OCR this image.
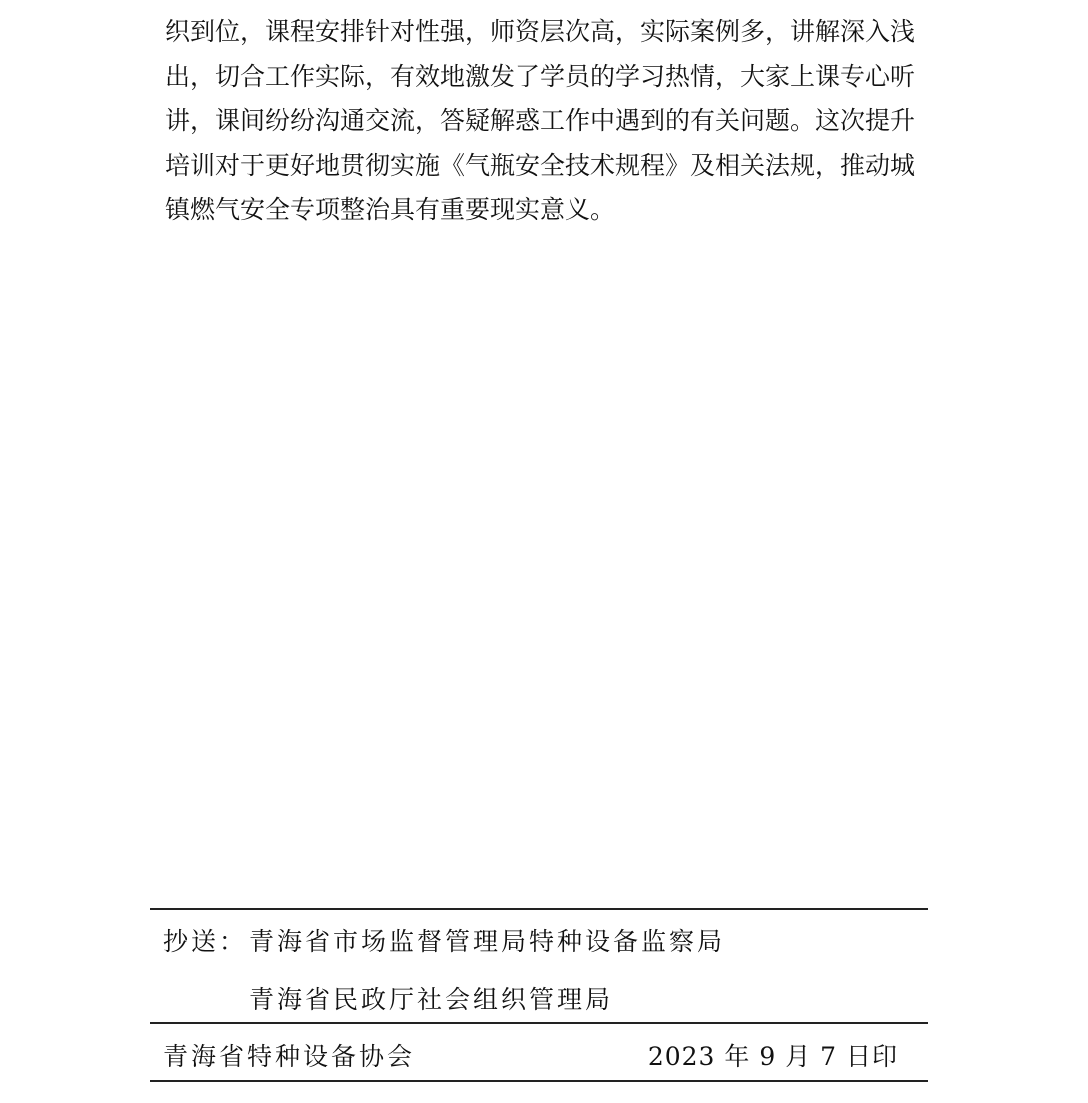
织到位，课程安排针对性强，师资层次高，实际案例多，讲解深入浅
出，切合工作实际，有效地激发了学员的学习热情，大家上课专心听
讲，课间纷纷沟通交流，答疑解惑工作中遇到的有关问题。这次提升
培训对于更好地贯彻实施《气瓶安全技术规程》及相关法规，推动城
镇燃气安全专项整治具有重要现实意义。
抄送： 青海省市场监督管理局特种设备监察局
青海省民政厅社会组织管理局
青海省特种设备协会	2023 年 9 月 7 日印
